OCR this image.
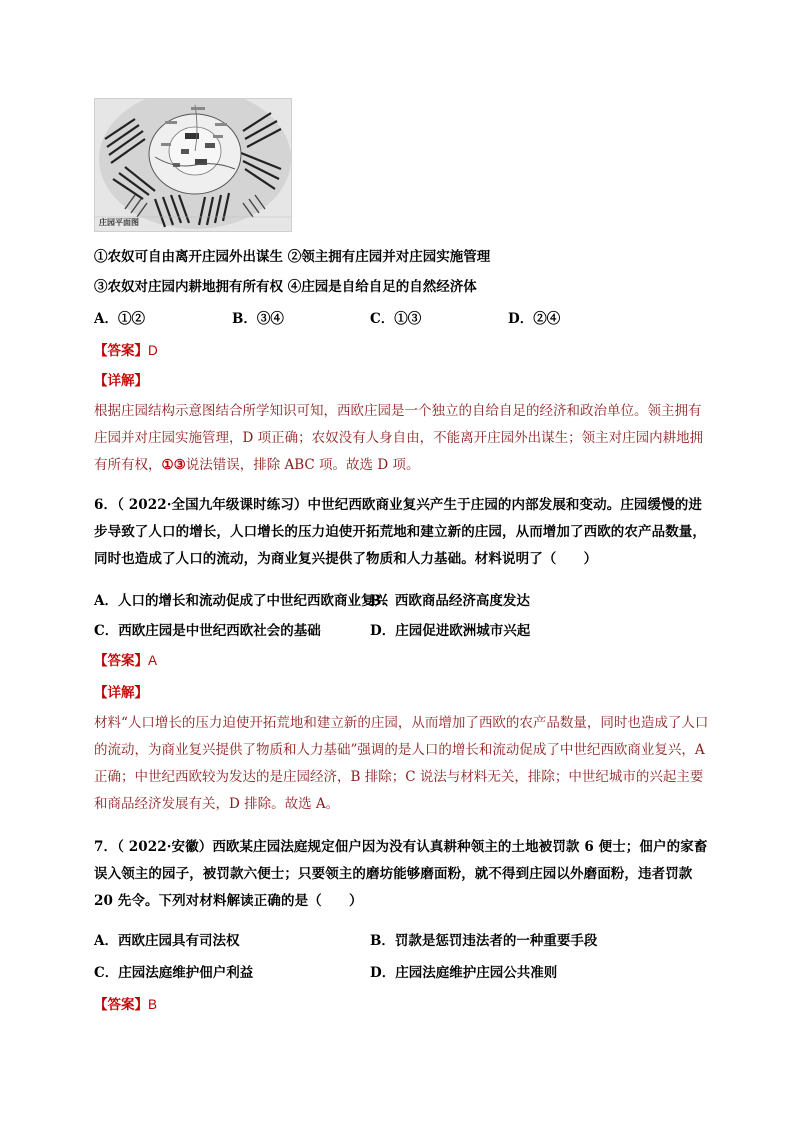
庄园平面图
①农奴可自由离开庄园外出谋生 ②领主拥有庄园并对庄园实施管理
③农奴对庄园内耕地拥有所有权 ④庄园是自给自足的自然经济体
A．①②	B．③④	C．①③	D．②④
【答案】D
【详解】
根据庄园结构示意图结合所学知识可知，西欧庄园是一个独立的自给自足的经济和政治单位。领主拥有庄园并对庄园实施管理，D 项正确；农奴没有人身自由，不能离开庄园外出谋生；领主对庄园内耕地拥有所有权，①③说法错误，排除 ABC 项。故选 D 项。
6．（ 2022·全国九年级课时练习）中世纪西欧商业复兴产生于庄园的内部发展和变动。庄园缓慢的进步导致了人口的增长，人口增长的压力迫使开拓荒地和建立新的庄园，从而增加了西欧的农产品数量，同时也造成了人口的流动，为商业复兴提供了物质和人力基础。材料说明了（　　）
A．人口的增长和流动促成了中世纪西欧商业复兴
B．西欧商品经济高度发达
C．西欧庄园是中世纪西欧社会的基础	D．庄园促进欧洲城市兴起
【答案】A
【详解】
材料“人口增长的压力迫使开拓荒地和建立新的庄园，从而增加了西欧的农产品数量，同时也造成了人口的流动，为商业复兴提供了物质和人力基础”强调的是人口的增长和流动促成了中世纪西欧商业复兴，A 正确；中世纪西欧较为发达的是庄园经济，B 排除；C 说法与材料无关，排除；中世纪城市的兴起主要和商品经济发展有关，D 排除。故选 A。
7．（ 2022·安徽）西欧某庄园法庭规定佃户因为没有认真耕种领主的土地被罚款 6 便士；佃户的家畜误入领主的园子，被罚款六便士；只要领主的磨坊能够磨面粉，就不得到庄园以外磨面粉，违者罚款 20 先令。下列对材料解读正确的是（　　）
A．西欧庄园具有司法权	B．罚款是惩罚违法者的一种重要手段
C．庄园法庭维护佃户利益	D．庄园法庭维护庄园公共准则
【答案】B
